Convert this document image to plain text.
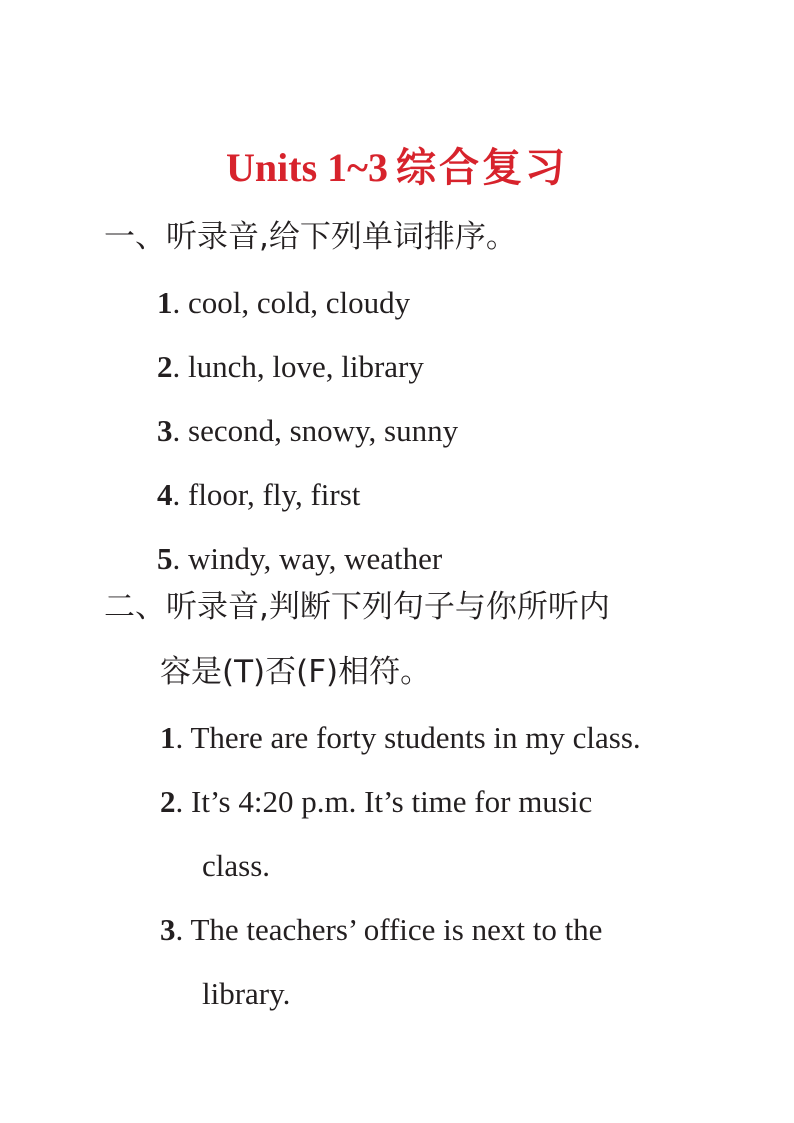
Units 1~3 综合复习
一、听录音,给下列单词排序。
1. cool, cold, cloudy
2. lunch, love, library
3. second, snowy, sunny
4. floor, fly, first
5. windy, way, weather
二、听录音,判断下列句子与你所听内
容是(T)否(F)相符。
1. There are forty students in my class.
2. It’s 4:20 p.m. It’s time for music
class.
3. The teachers’ office is next to the
library.
